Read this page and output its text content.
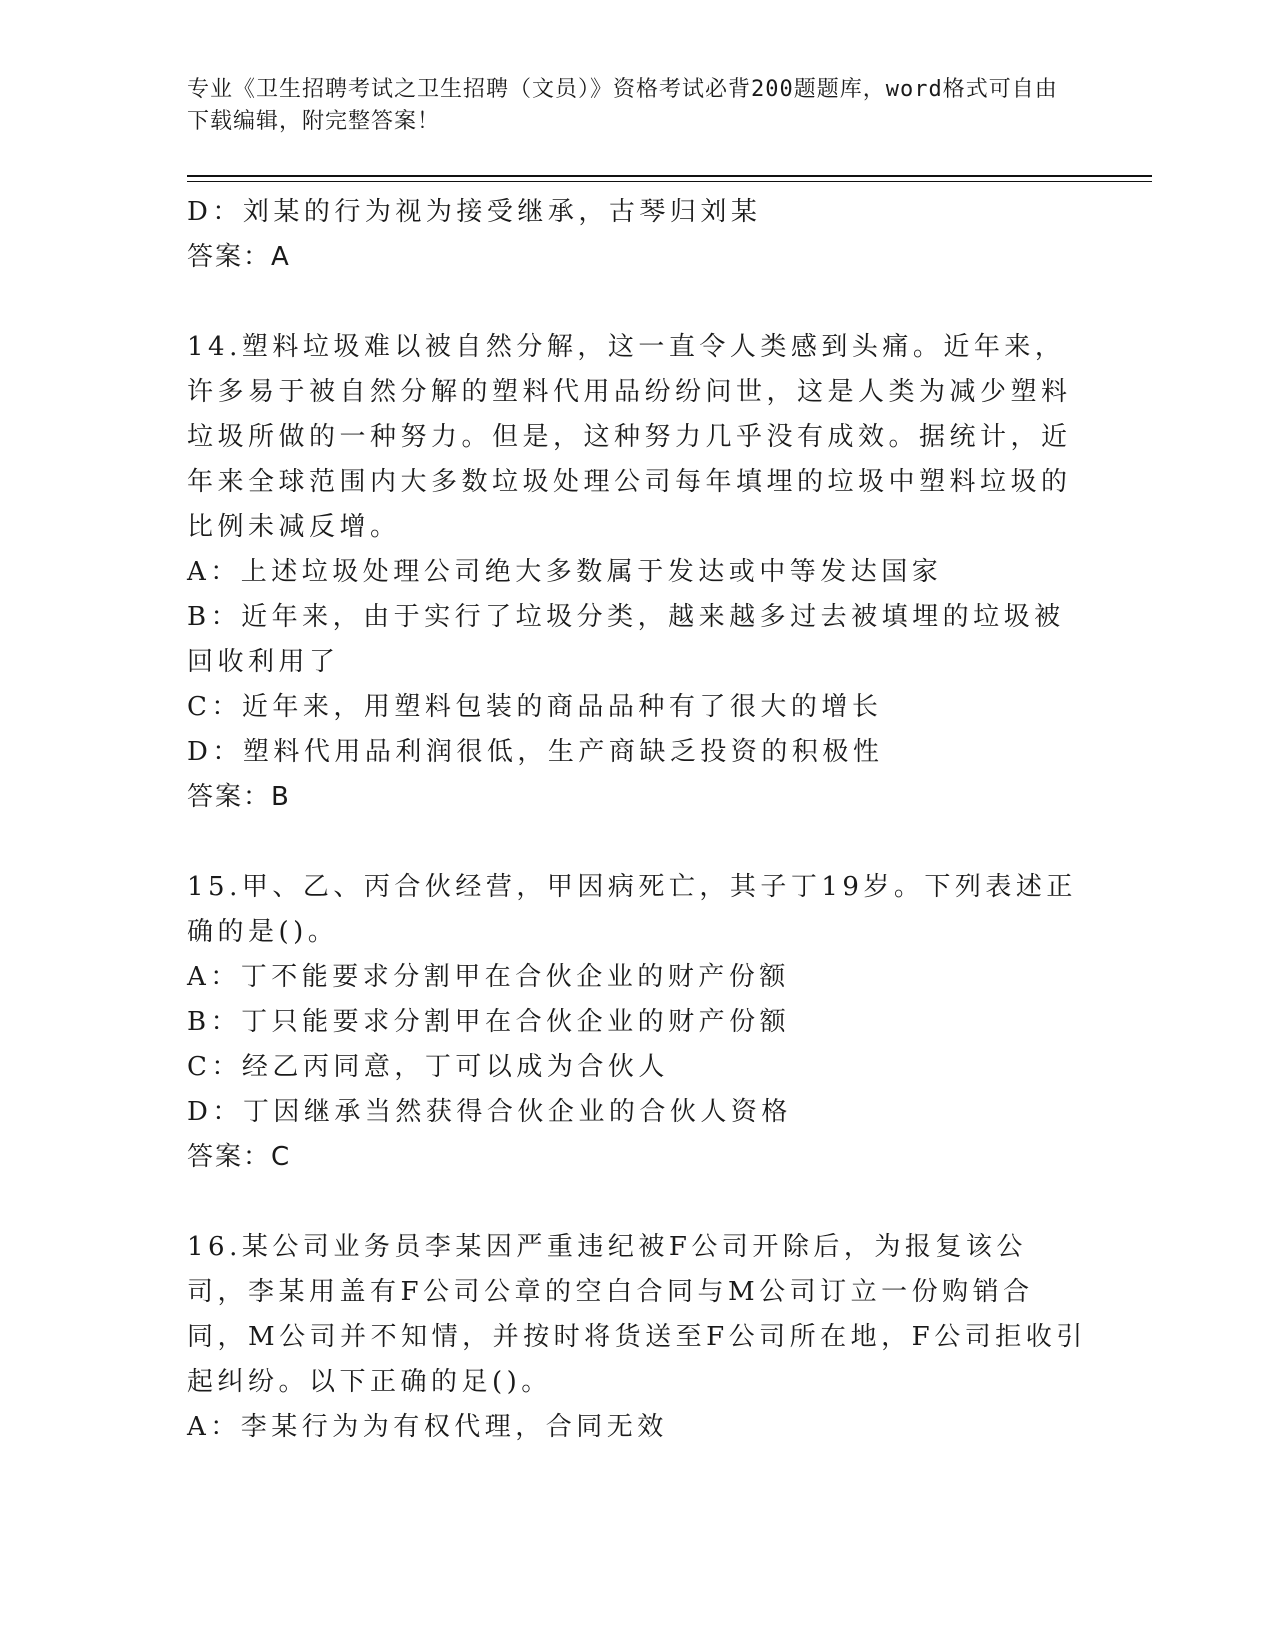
专业《卫生招聘考试之卫生招聘（文员）》资格考试必背200题题库，word格式可自由下载编辑，附完整答案！

D：刘某的行为视为接受继承，古琴归刘某

答案：A

14.塑料垃圾难以被自然分解，这一直令人类感到头痛。近年来，许多易于被自然分解的塑料代用品纷纷问世，这是人类为减少塑料垃圾所做的一种努力。但是，这种努力几乎没有成效。据统计，近年来全球范围内大多数垃圾处理公司每年填埋的垃圾中塑料垃圾的比例未减反增。

A：上述垃圾处理公司绝大多数属于发达或中等发达国家

B：近年来，由于实行了垃圾分类，越来越多过去被填埋的垃圾被回收利用了

C：近年来，用塑料包装的商品品种有了很大的增长

D：塑料代用品利润很低，生产商缺乏投资的积极性

答案：B

15.甲、乙、丙合伙经营，甲因病死亡，其子丁19岁。下列表述正确的是()。

A：丁不能要求分割甲在合伙企业的财产份额

B：丁只能要求分割甲在合伙企业的财产份额

C：经乙丙同意，丁可以成为合伙人

D：丁因继承当然获得合伙企业的合伙人资格

答案：C

16.某公司业务员李某因严重违纪被F公司开除后，为报复该公司，李某用盖有F公司公章的空白合同与M公司订立一份购销合同，M公司并不知情，并按时将货送至F公司所在地，F公司拒收引起纠纷。以下正确的足()。

A：李某行为为有权代理，合同无效
